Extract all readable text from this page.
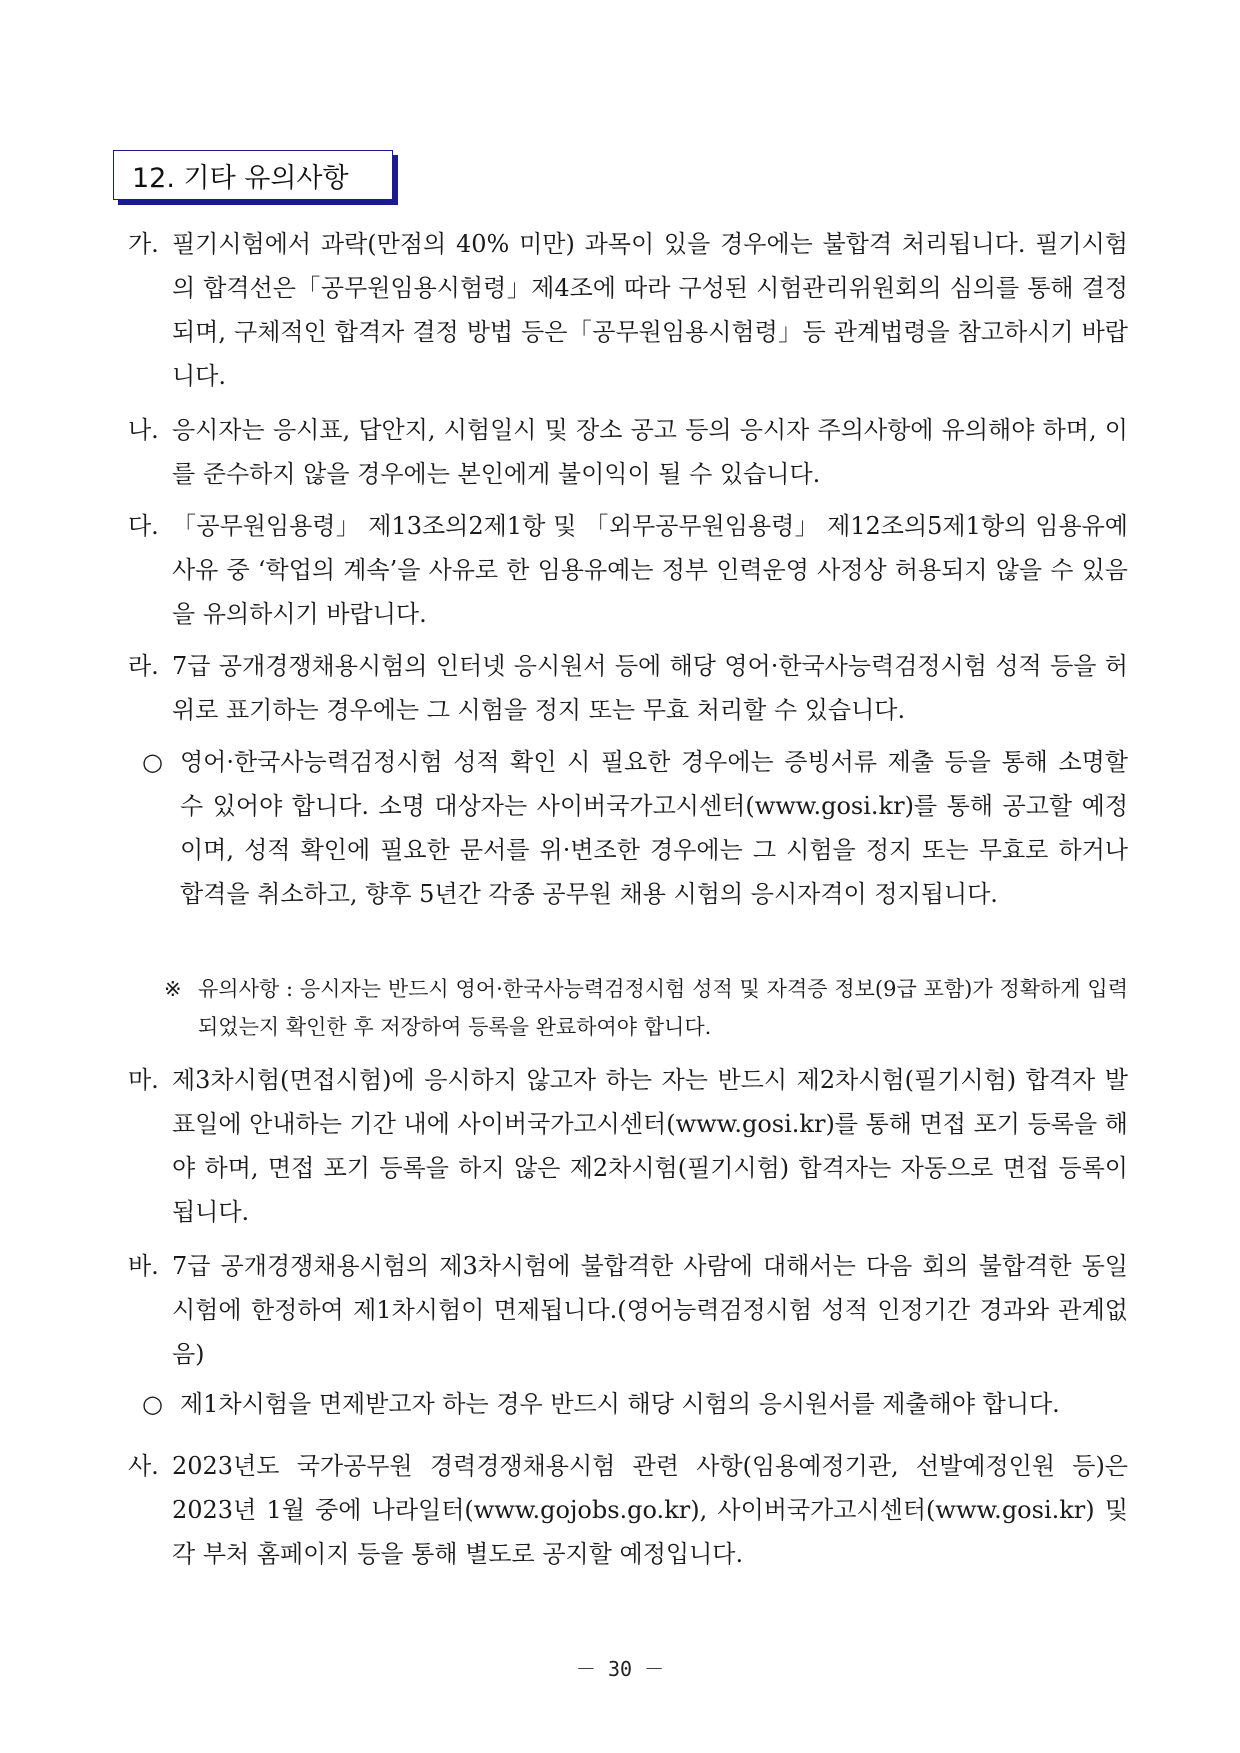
12. 기타 유의사항
가. 필기시험에서 과락(만점의 40% 미만) 과목이 있을 경우에는 불합격 처리됩니다. 필기시험의 합격선은「공무원임용시험령」제4조에 따라 구성된 시험관리위원회의 심의를 통해 결정되며, 구체적인 합격자 결정 방법 등은「공무원임용시험령」등 관계법령을 참고하시기 바랍니다.
나. 응시자는 응시표, 답안지, 시험일시 및 장소 공고 등의 응시자 주의사항에 유의해야 하며, 이를 준수하지 않을 경우에는 본인에게 불이익이 될 수 있습니다.
다. 「공무원임용령」 제13조의2제1항 및 「외무공무원임용령」 제12조의5제1항의 임용유예 사유 중 ‘학업의 계속’을 사유로 한 임용유예는 정부 인력운영 사정상 허용되지 않을 수 있음을 유의하시기 바랍니다.
라. 7급 공개경쟁채용시험의 인터넷 응시원서 등에 해당 영어·한국사능력검정시험 성적 등을 허위로 표기하는 경우에는 그 시험을 정지 또는 무효 처리할 수 있습니다.
○ 영어·한국사능력검정시험 성적 확인 시 필요한 경우에는 증빙서류 제출 등을 통해 소명할 수 있어야 합니다. 소명 대상자는 사이버국가고시센터(www.gosi.kr)를 통해 공고할 예정이며, 성적 확인에 필요한 문서를 위·변조한 경우에는 그 시험을 정지 또는 무효로 하거나 합격을 취소하고, 향후 5년간 각종 공무원 채용 시험의 응시자격이 정지됩니다.
※ 유의사항 : 응시자는 반드시 영어·한국사능력검정시험 성적 및 자격증 정보(9급 포함)가 정확하게 입력되었는지 확인한 후 저장하여 등록을 완료하여야 합니다.
마. 제3차시험(면접시험)에 응시하지 않고자 하는 자는 반드시 제2차시험(필기시험) 합격자 발표일에 안내하는 기간 내에 사이버국가고시센터(www.gosi.kr)를 통해 면접 포기 등록을 해야 하며, 면접 포기 등록을 하지 않은 제2차시험(필기시험) 합격자는 자동으로 면접 등록이 됩니다.
바. 7급 공개경쟁채용시험의 제3차시험에 불합격한 사람에 대해서는 다음 회의 불합격한 동일 시험에 한정하여 제1차시험이 면제됩니다.(영어능력검정시험 성적 인정기간 경과와 관계없음)
○ 제1차시험을 면제받고자 하는 경우 반드시 해당 시험의 응시원서를 제출해야 합니다.
사. 2023년도 국가공무원 경력경쟁채용시험 관련 사항(임용예정기관, 선발예정인원 등)은 2023년 1월 중에 나라일터(www.gojobs.go.kr), 사이버국가고시센터(www.gosi.kr) 및 각 부처 홈페이지 등을 통해 별도로 공지할 예정입니다.
－ 30 －
